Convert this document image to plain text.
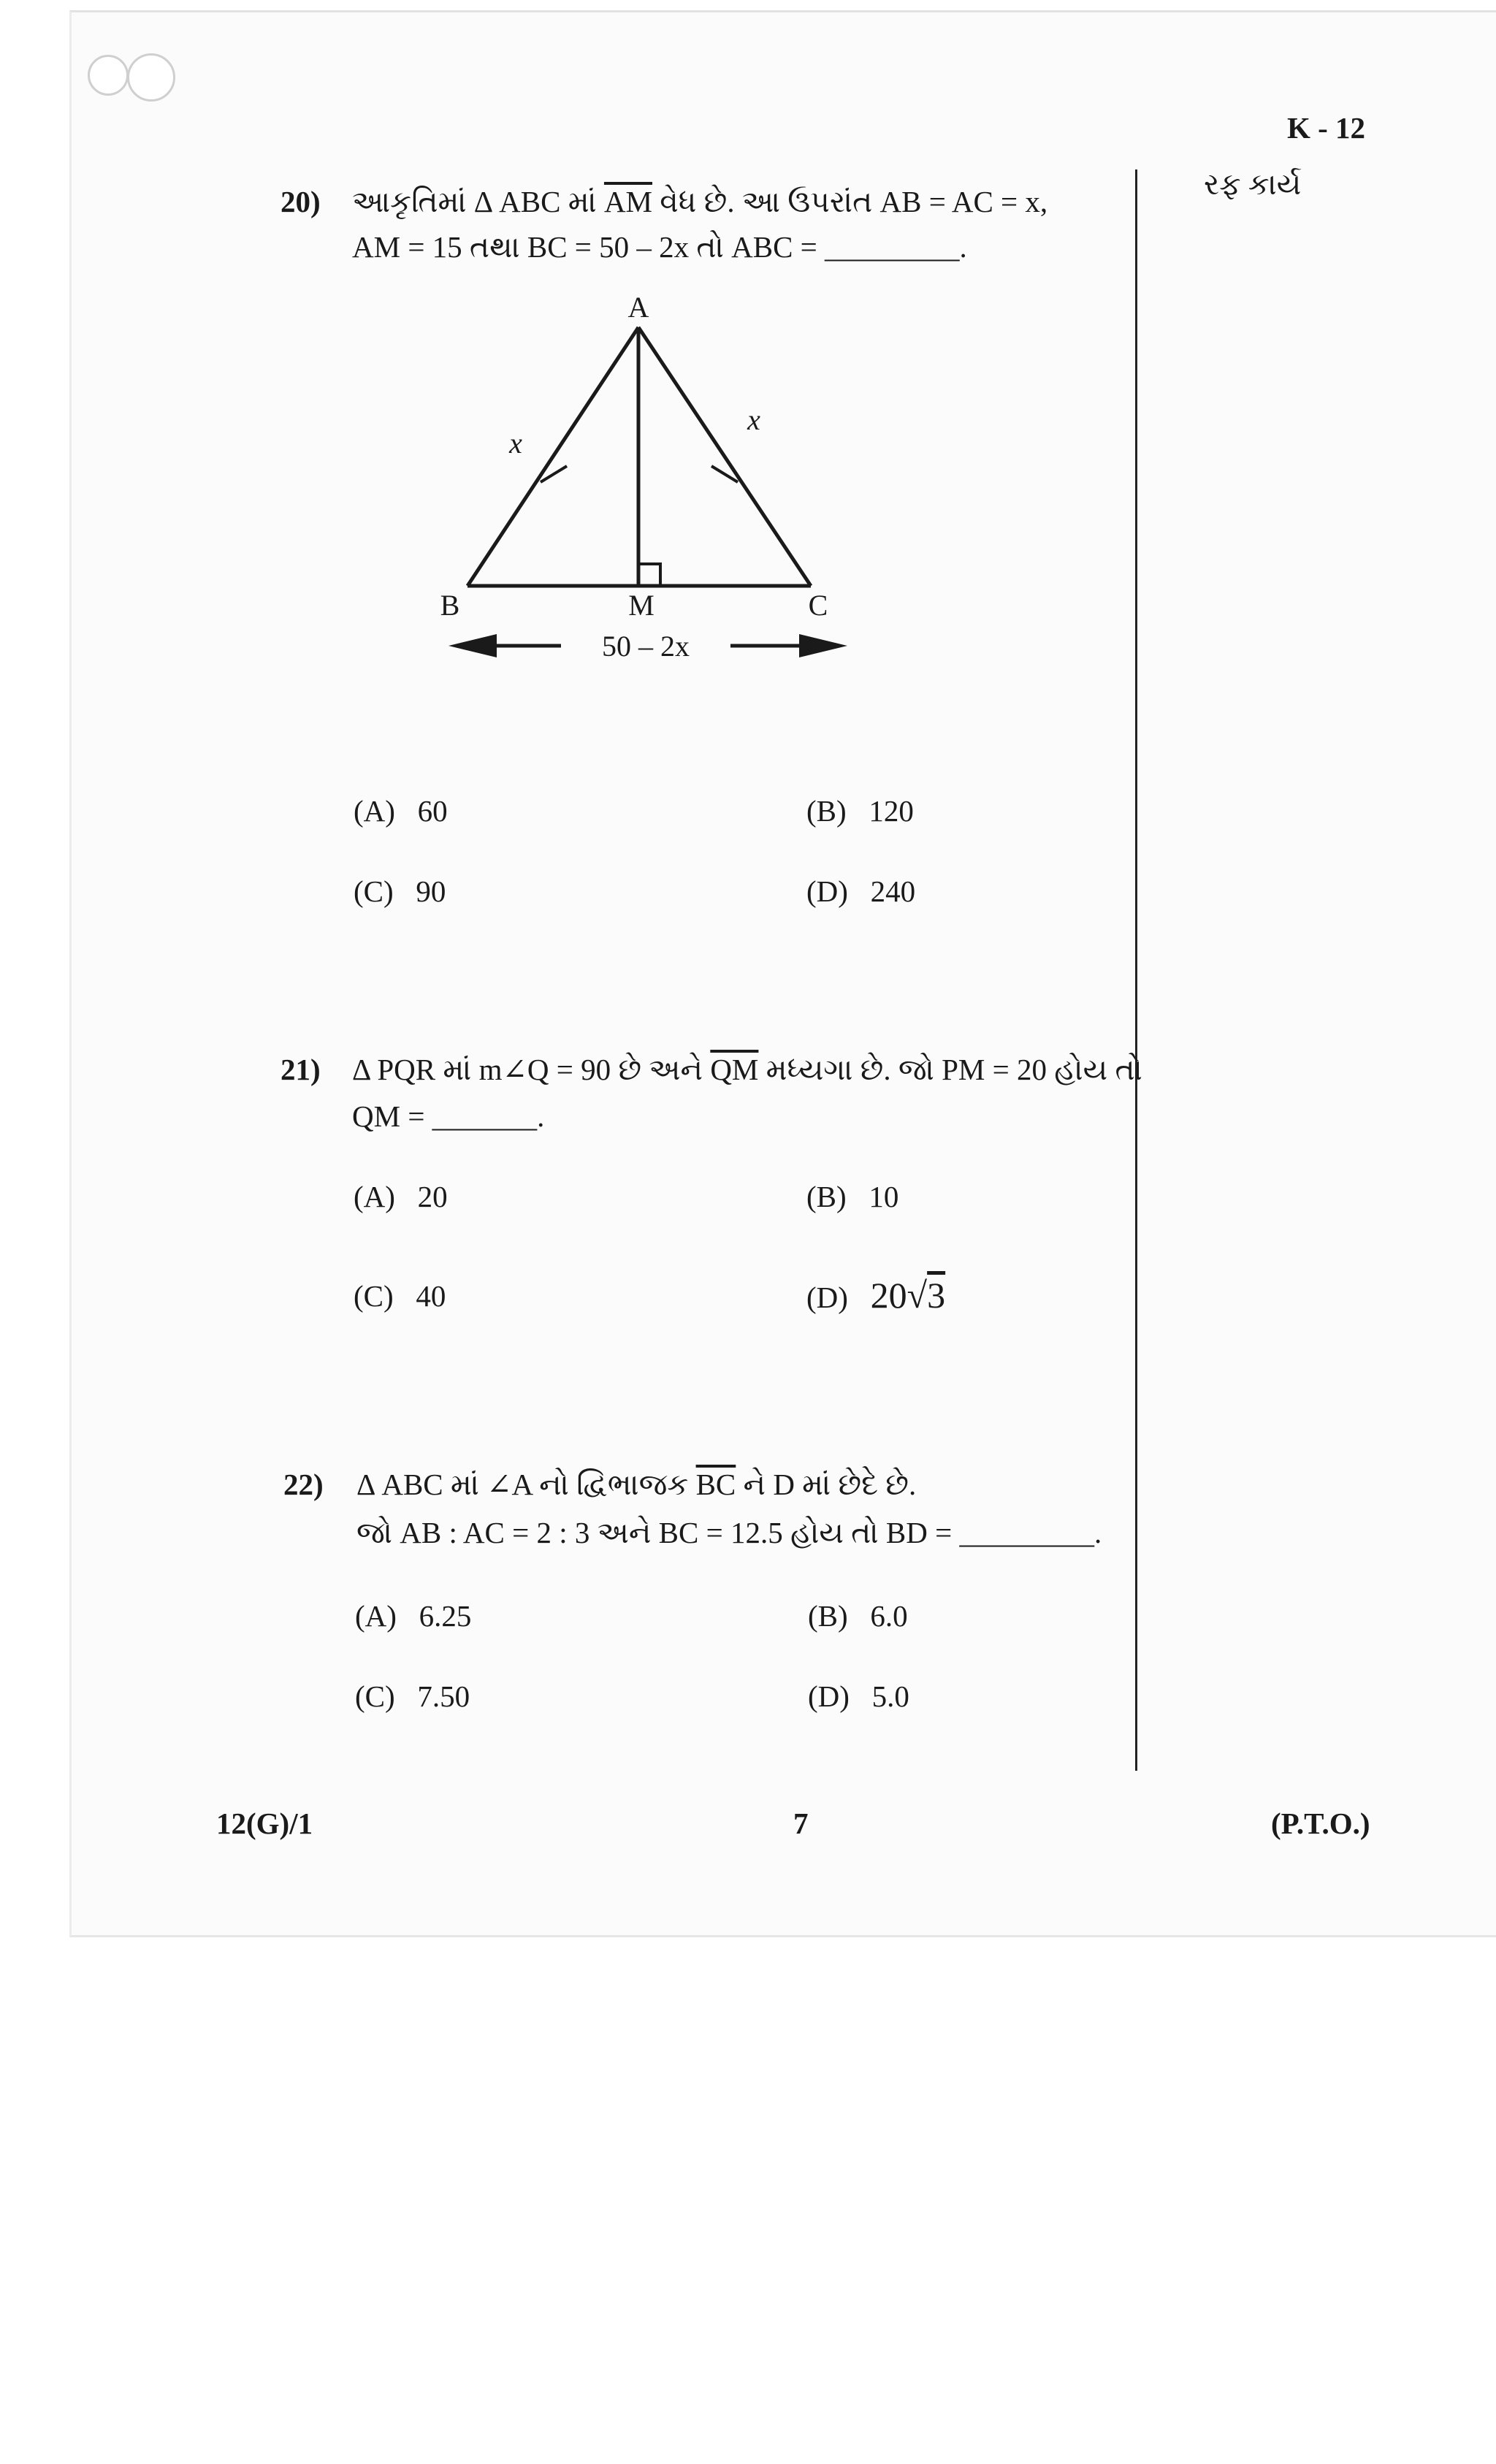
K - 12
રફ કાર્ય
20) આકૃતિમાં Δ ABC માં $\overline{AM}$ વેધ છે. આ ઉપરાંત AB = AC = x,
AM = 15 તથા BC = 50 – 2x તો ABC = _________.
A
B	C
M
x
x
50 – 2x
(A) 60	(B) 120
(C) 90	(D) 240
21) Δ PQR માં m∠Q = 90 છે અને $\overline{QM}$ મધ્યગા છે. જો PM = 20 હોય તો
QM = _______.
(A) 20	(B) 10
(C) 40	(D) 20√3
22) Δ ABC માં ∠A નો દ્વિભાજક $\overline{BC}$ ને D માં છેદે છે.
જો AB : AC = 2 : 3 અને BC = 12.5 હોય તો BD = _________.
(A) 6.25	(B) 6.0
(C) 7.50	(D) 5.0
12(G)/1	7	(P.T.O.)
